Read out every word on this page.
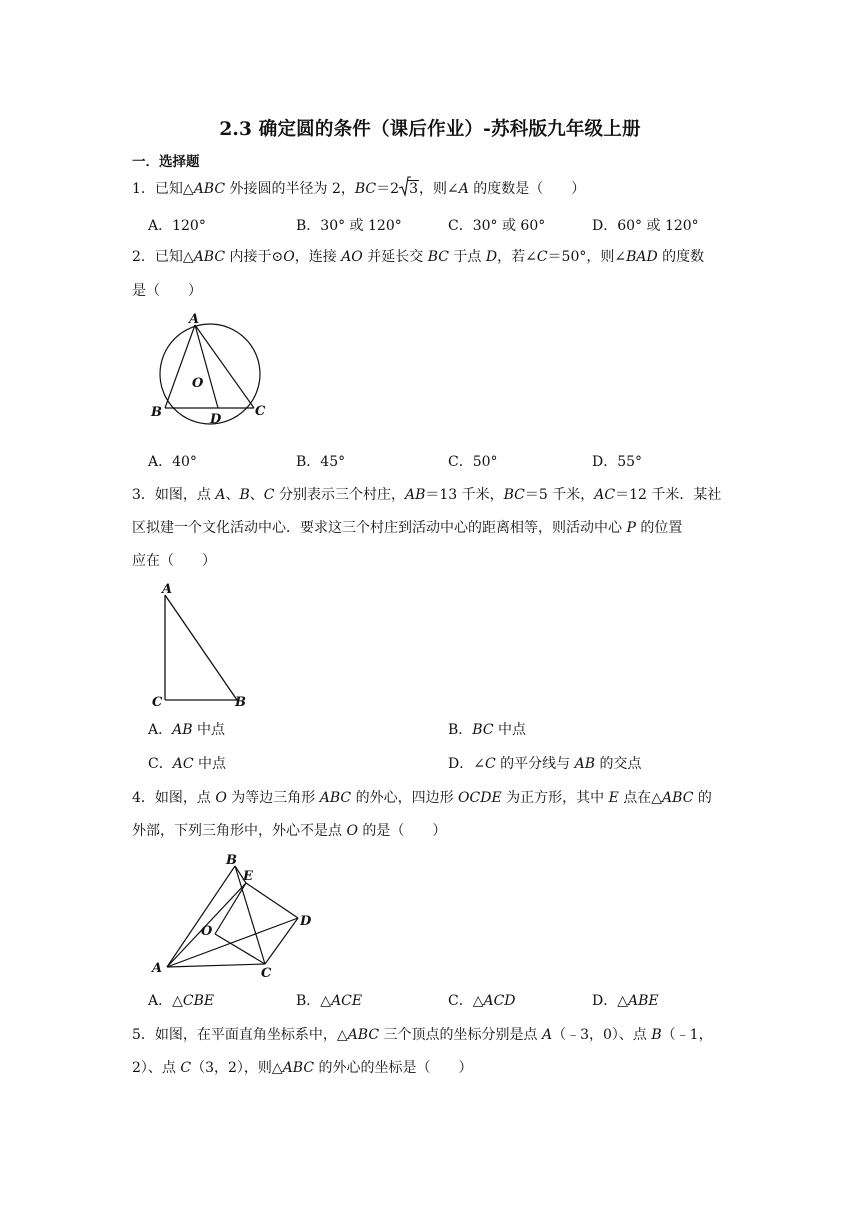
2.3 确定圆的条件（课后作业）-苏科版九年级上册
一．选择题
1．已知△ABC 外接圆的半径为 2，BC＝2 3，则∠A 的度数是（　　）
A．120°	B．30° 或 120°	C．30° 或 60°	D．60° 或 120°
2．已知△ABC 内接于⊙O，连接 AO 并延长交 BC 于点 D，若∠C＝50°，则∠BAD 的度数
是（　　）
A
O
B	D
C
A．40°	B．45°	C．50°	D．55°
3．如图，点 A、B、C 分别表示三个村庄，AB＝13 千米，BC＝5 千米，AC＝12 千米．某社
区拟建一个文化活动中心．要求这三个村庄到活动中心的距离相等，则活动中心 P 的位置
应在（　　）
A
C	B
A．AB 中点	B．BC 中点
C．AC 中点	D．∠C 的平分线与 AB 的交点
4．如图，点 O 为等边三角形 ABC 的外心，四边形 OCDE 为正方形，其中 E 点在△ABC 的
外部，下列三角形中，外心不是点 O 的是（　　）
B
E
D
O
A	C
A．△CBE	B．△ACE	C．△ACD	D．△ABE
5．如图，在平面直角坐标系中，△ABC 三个顶点的坐标分别是点 A（﹣3，0）、点 B（﹣1，
2）、点 C（3，2），则△ABC 的外心的坐标是（　　）
